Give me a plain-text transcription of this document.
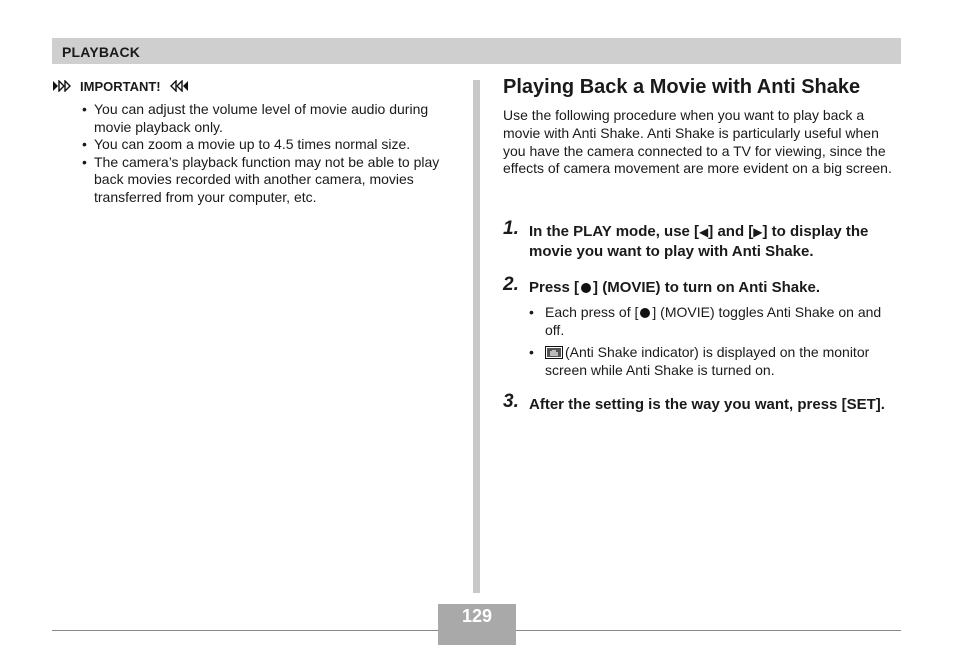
PLAYBACK
IMPORTANT!
• You can adjust the volume level of movie audio during movie playback only.
• You can zoom a movie up to 4.5 times normal size.
• The camera’s playback function may not be able to play back movies recorded with another camera, movies transferred from your computer, etc.
Playing Back a Movie with Anti Shake

Use the following procedure when you want to play back a movie with Anti Shake. Anti Shake is particularly useful when you have the camera connected to a TV for viewing, since the effects of camera movement are more evident on a big screen.

1. In the PLAY mode, use [◀] and [▶] to display the movie you want to play with Anti Shake.
2. Press [ ] (MOVIE) to turn on Anti Shake.
• Each press of [ ] (MOVIE) toggles Anti Shake on and off.
• (Anti Shake indicator) is displayed on the monitor screen while Anti Shake is turned on.
3. After the setting is the way you want, press [SET].
129
